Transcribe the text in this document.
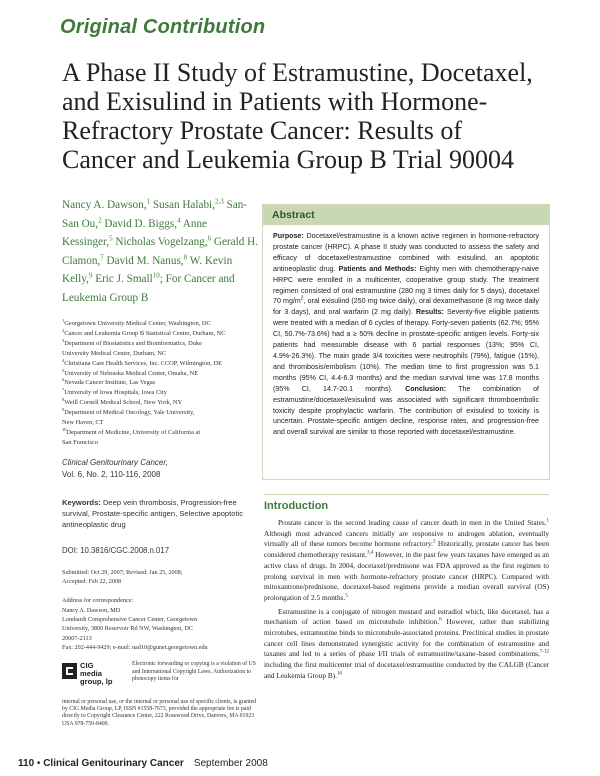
Original Contribution
A Phase II Study of Estramustine, Docetaxel, and Exisulind in Patients with Hormone-Refractory Prostate Cancer: Results of Cancer and Leukemia Group B Trial 90004
Nancy A. Dawson,$^1$ Susan Halabi,$^{2,3}$ San-San Ou,$^2$ David D. Biggs,$^4$ Anne Kessinger,$^5$ Nicholas Vogelzang,$^6$ Gerald H. Clamon,$^7$ David M. Nanus,$^8$ W. Kevin Kelly,$^9$ Eric J. Small$^{10}$; For Cancer and Leukemia Group B
$^1$Georgetown University Medical Center, Washington, DC
$^2$Cancer and Leukemia Group B Statistical Center, Durham, NC
$^3$Department of Biostatistics and Bioinformatics, Duke
University Medical Center, Durham, NC
$^4$Christiana Care Health Services, Inc. CCOP, Wilmington, DE
$^5$University of Nebraska Medical Center, Omaha, NE
$^6$Nevada Cancer Institute, Las Vegas
$^7$University of Iowa Hospitals, Iowa City
$^8$Weill Cornell Medical School, New York, NY
$^9$Department of Medical Oncology, Yale University,
New Haven, CT
$^{10}$Department of Medicine, University of California at
San Francisco
Clinical Genitourinary Cancer,
Vol. 6, No. 2, 110-116, 2008
Keywords: Deep vein thrombosis, Progression-free survival, Prostate-specific antigen, Selective apoptotic antineoplastic drug
DOI: 10.3816/CGC.2008.n.017
Submitted: Oct 29, 2007; Revised: Jan 25, 2008;
Accepted: Feb 22, 2008
Address for correspondence:
Nancy A. Dawson, MD
Lombardi Comprehensive Cancer Center, Georgetown
University, 3800 Reservoir Rd NW, Washington, DC
20007-2113
Fax: 202-444-9429; e-mail: nad10@gunet.georgetown.edu
CIG
media
group, lp
Electronic forwarding or copying is a violation of US and International Copyright Laws. Authorization to photocopy items for
internal or personal use, or the internal or personal use of specific clients, is granted by CIG Media Group, LP, ISSN #1558-7673, provided the appropriate fee is paid directly to Copyright Clearance Center, 222 Rosewood Drive, Danvers, MA 01923 USA 978-750-8400.
Abstract
Purpose: Docetaxel/estramustine is a known active regimen in hormone-refractory prostate cancer (HRPC). A phase II study was conducted to assess the safety and efficacy of docetaxel/estramustine combined with exisulind, an apoptotic antineoplastic drug. Patients and Methods: Eighty men with chemotherapy-naive HRPC were enrolled in a multicenter, cooperative group study. The treatment regimen consisted of oral estramustine (280 mg 3 times daily for 5 days), docetaxel 70 $mg/m^2$, oral exisulind (250 mg twice daily), oral dexamethasone (8 mg twice daily for 3 days), and oral warfarin (2 mg daily). Results: Seventy-five eligible patients were treated with a median of 6 cycles of therapy. Forty-seven patients (62.7%; 95% CI, 50.7%-73.6%) had a ≥ 50% decline in prostate-specific antigen levels. Forty-six patients had measurable disease with 6 partial responses (13%; 95% CI, 4.9%-26.3%). The main grade 3/4 toxicities were neutrophils (79%), fatigue (15%), and thrombosis/embolism (10%). The median time to first progression was 5.1 months (95% CI, 4.4-6.3 months) and the median survival time was 17.8 months (95% CI, 14.7-20.1 months). Conclusion: The combination of estramustine/docetaxel/exisulind was associated with significant thromboembolic toxicity despite prophylactic warfarin. The contribution of exisulind to toxicity is uncertain. Prostate-specific antigen decline, response rates, and progression-free and overall survival are similar to those reported with docetaxel/estramustine.
Introduction

Prostate cancer is the second leading cause of cancer death in men in the United States.$^1$ Although most advanced cancers initially are responsive to androgen ablation, eventually virtually all of these tumors become hormone refractory.$^2$ Historically, prostate cancer has been considered chemotherapy resistant.$^{3,4}$ However, in the past few years taxanes have emerged as an active class of drugs. In 2004, docetaxel/prednisone was FDA approved as the first regimen to prolong survival in men with hormone-refractory prostate cancer (HRPC). Compared with mitoxantrone/prednisone, docetaxel-based regimens provide a median overall survival (OS) prolongation of 2.5 months.$^5$

Estramustine is a conjugate of nitrogen mustard and estradiol which, like docetaxel, has a mechanism of action based on microtubule inhibition.$^6$ However, rather than stabilizing microtubes, estramustine binds to microtubule-associated proteins. Preclinical studies in prostate cancer cell lines demonstrated synergistic activity for the combination of estramustine and taxanes and led to a series of phase I/II trials of estramustine/taxane–based combinations,$^{7-12}$ including the first multicenter trial of docetaxel/estramustine conducted by the CALGB (Cancer and Leukemia Group B).$^{10}$

110 • Clinical Genitourinary Cancer September 2008
